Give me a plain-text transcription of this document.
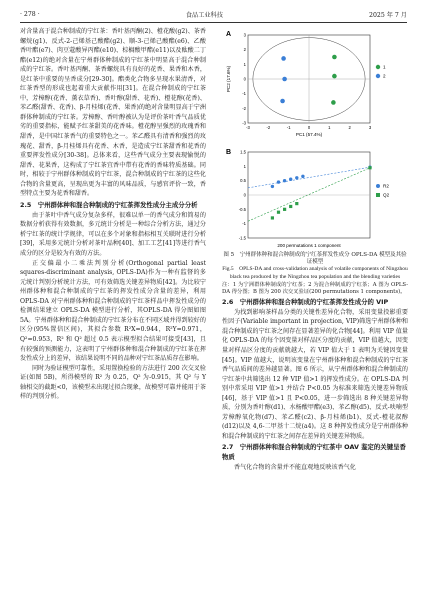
· 278 ·	食品工业科技	2025 年 7 月

对含量高于混合种制成的宁红茶：香叶基丙酮(2)、橙花酸(g2)、茶香螺烷(g1)、反式-2-己烯基己酸酯(g2)、顺-3-己烯己酸酯(e6)、乙酸香叶酯(e7)、肉豆蔻酸异丙酯(e10)、棕榈酸甲酯(e11)以及酞酸二丁酯(e12)的绝对含量在宁州群体种制成的宁红茶中明显高于混合种制成的宁红茶。香叶基丙酮、茶香螺烷具有良好的花香、果香和木香，是红茶中重要的呈香成分[29-30]。酯类化合物多呈现水果清香，对红茶香型的形成也起着重大贡献作用[31]。在混合种制成的宁红茶中，芳樟醇(花香、薰衣草香)、香叶醇(甜香、花香)、橙花醇(花香)、苯乙醛(甜香、花香)、β-月桂烯(花香、果香)的绝对含量明显高于宁洲群体种制成的宁红茶。芳樟醇、香叶醇被认为是评价茶叶香气品质优劣的重要指标，能赋予红茶甜美的花香味。橙花醇呈强烈的玫瑰香和甜香，是中国红茶香气的重要特色之一。苯乙醛具有清香和强烈的玫瑰花、甜香，β-月桂烯具有花香、木香，是造成宁红茶甜香和花香的重要挥发性成分[30-38]。总体来看，这些香气成分主要表现愉悦的甜香、花果香，这构成了宁红茶宜香中带有花香的香味特质基础。同时，相较于宁州群体种制成的宁红茶，混合种制成的宁红茶的这些化合物的含量更高，呈现出更为丰富的风味品质，与感官评价一致，香型特点主要为花香和甜香。

2.5　宁州群体种和混合种制成的宁红茶挥发性成分主成分分析

由于茶叶中香气成分复杂多样，很难以单一的香气成分和简易的数据分析获得有效数据，多元统计分析是一种综合分析方法，通过分析宁红茶的统计学规律，可以在多个对象和指标相互关联时进行分析[39]，采用多元统计分析对茶叶品种[40]、加工工艺[41]等进行香气成分的区分是较为有效的方法。

正交偏最小二乘法判别分析(Orthogonal partial least squares-discriminant analysis, OPLS-DA)作为一种有监督的多元统计判别分析统计方法，可有效筛选关键差异物质[42]。为比较宁州群体种和混合种制成的宁红茶的挥发性成分含量的差异，利用 OPLS-DA 对宁州群体种和混合种制成的宁红茶样品中挥发性成分的检测结果建立 OPLS-DA 模型进行分析，其OPLS-DA 得分图如图 5A。宁州群体种和混合种制成的宁红茶分布在不同区域并得到较好的区分(95%置信区间)，其拟合参数 R²X=0.944，R²Y=0.971，Q²=0.953，R² 和 Q² 超过 0.5 表示模型拟合结果可接受[43]，且有较强的预测能力，这表明了宁州群体种和混合种制成的宁红茶在挥发性成分上的差异，该结果说明不同的品种对宁红茶品质存在影响。

同时为验证模型可靠性，采用置换检验的方法进行 200 次交叉验证(如图 5B)，所得模型的 R² 为 0.25，Q² 为-0.915，其 Q² 与 Y 轴相交的截距<0，该模型未出现过拟合现象，故模型可靠并能用于茶样的判别分析。

A
-3	-2	-1	0	1	2	3
-3
-2
-1
0
1
2
3
PC1 (57.4%)
PC2 (17.6%)	1
2

B 1.5
1
0.5
0
-0.5
-1
-1.5
200 permutations 1 component
R2
Q2
图 5　宁州群体种和混合种制成的宁红茶挥发性成分 OPLS-DA 模型及其验证模型
Fig.5　OPLS-DA and cross-validation analysis of volatile components of Ningzhou black tea produced by the Ningzhou tea population and the blending varieties
注：1 为宁洲群体种制成的宁红茶；2 为混合种制成的宁红茶；A 图为 OPLS-DA 得分图；B 图为 200 次交叉验证(200 permutations 1 components)。
2.6　宁州群体种和混合种制成的宁红茶挥发性成分的 VIP

为找到影响茶样品分类的关键性差异化合物，采用变量投影重要性因子(Variable important in projection, VIP)筛选宁州群体种和混合种制成的宁红茶之间存在显著差异的化合物[44]。利用 VIP 值量化 OPLS-DA 的每个因变量对样品区分度的贡献，VIP 值越大，因变量对样品区分度的贡献就越大，若 VIP 值大于 1 表明为关键因变量[45]。VIP 值越大，说明该变量在宁州群体种和混合种制成的宁红茶香气品质间的差异越显著。图 6 所示，从宁州群体种和混合种制成的宁红茶中共筛选出 12 种 VIP 值>1 的挥发性成分。在 OPLS-DA 判别中常采用 VIP 值>1 并结合 P<0.05 为标准来筛选关键差异物质[46]，基于 VIP 值>1 且 P<0.05，进一步筛选出 8 种关键差异物质，分别为香叶醇(d1)、水杨酸甲酯(e3)、苯乙醇(d5)、反式-呋喃型芳樟醇氧化物(d7)、苯乙醛(c2)、β-月桂烯(b1)、反式-橙花叔醇(d12)以及 4,6-二甲基十二烷(a4)。这 8 种挥发性成分是宁州群体种和混合种制成的宁红茶之间存在差异的关键差异物质。

2.7　宁州群体种和混合种制成的宁红茶中 OAV 鉴定的关键呈香物质

香气化合物的含量并不能直观地反映该香气化
